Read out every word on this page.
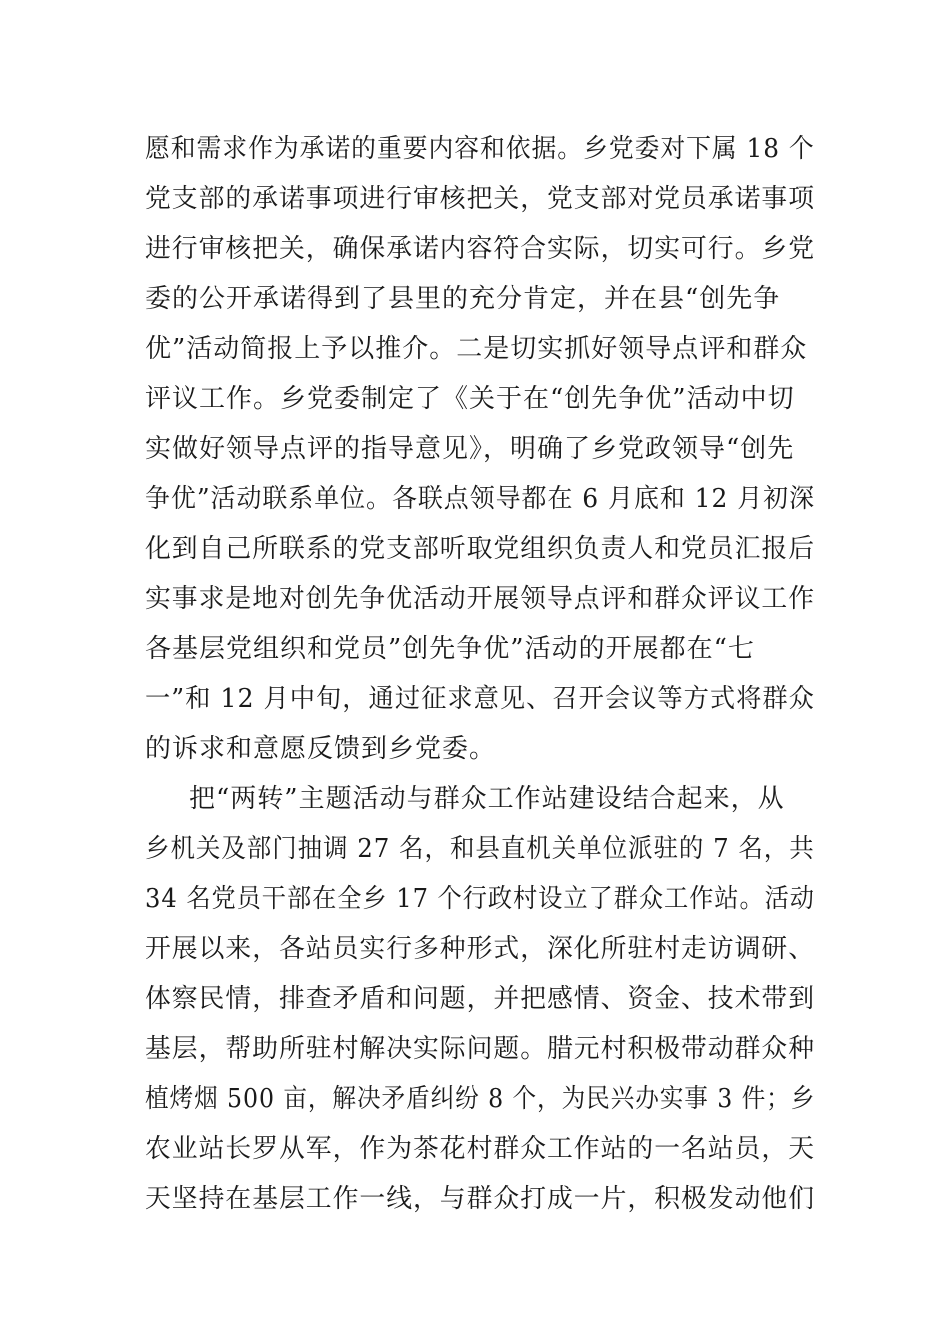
愿和需求作为承诺的重要内容和依据。乡党委对下属 18 个
党支部的承诺事项进行审核把关，党支部对党员承诺事项
进行审核把关，确保承诺内容符合实际，切实可行。乡党
委的公开承诺得到了县里的充分肯定，并在县“创先争
优”活动简报上予以推介。二是切实抓好领导点评和群众
评议工作。乡党委制定了《关于在“创先争优”活动中切
实做好领导点评的指导意见》，明确了乡党政领导“创先
争优”活动联系单位。各联点领导都在 6 月底和 12 月初深
化到自己所联系的党支部听取党组织负责人和党员汇报后
实事求是地对创先争优活动开展领导点评和群众评议工作
各基层党组织和党员”创先争优”活动的开展都在“七
一”和 12 月中旬，通过征求意见、召开会议等方式将群众
的诉求和意愿反馈到乡党委。
把“两转”主题活动与群众工作站建设结合起来，从
乡机关及部门抽调 27 名，和县直机关单位派驻的 7 名，共
34 名党员干部在全乡 17 个行政村设立了群众工作站。活动
开展以来，各站员实行多种形式，深化所驻村走访调研、
体察民情，排查矛盾和问题，并把感情、资金、技术带到
基层，帮助所驻村解决实际问题。腊元村积极带动群众种
植烤烟 500 亩，解决矛盾纠纷 8 个，为民兴办实事 3 件；乡
农业站长罗从军，作为茶花村群众工作站的一名站员，天
天坚持在基层工作一线，与群众打成一片，积极发动他们
